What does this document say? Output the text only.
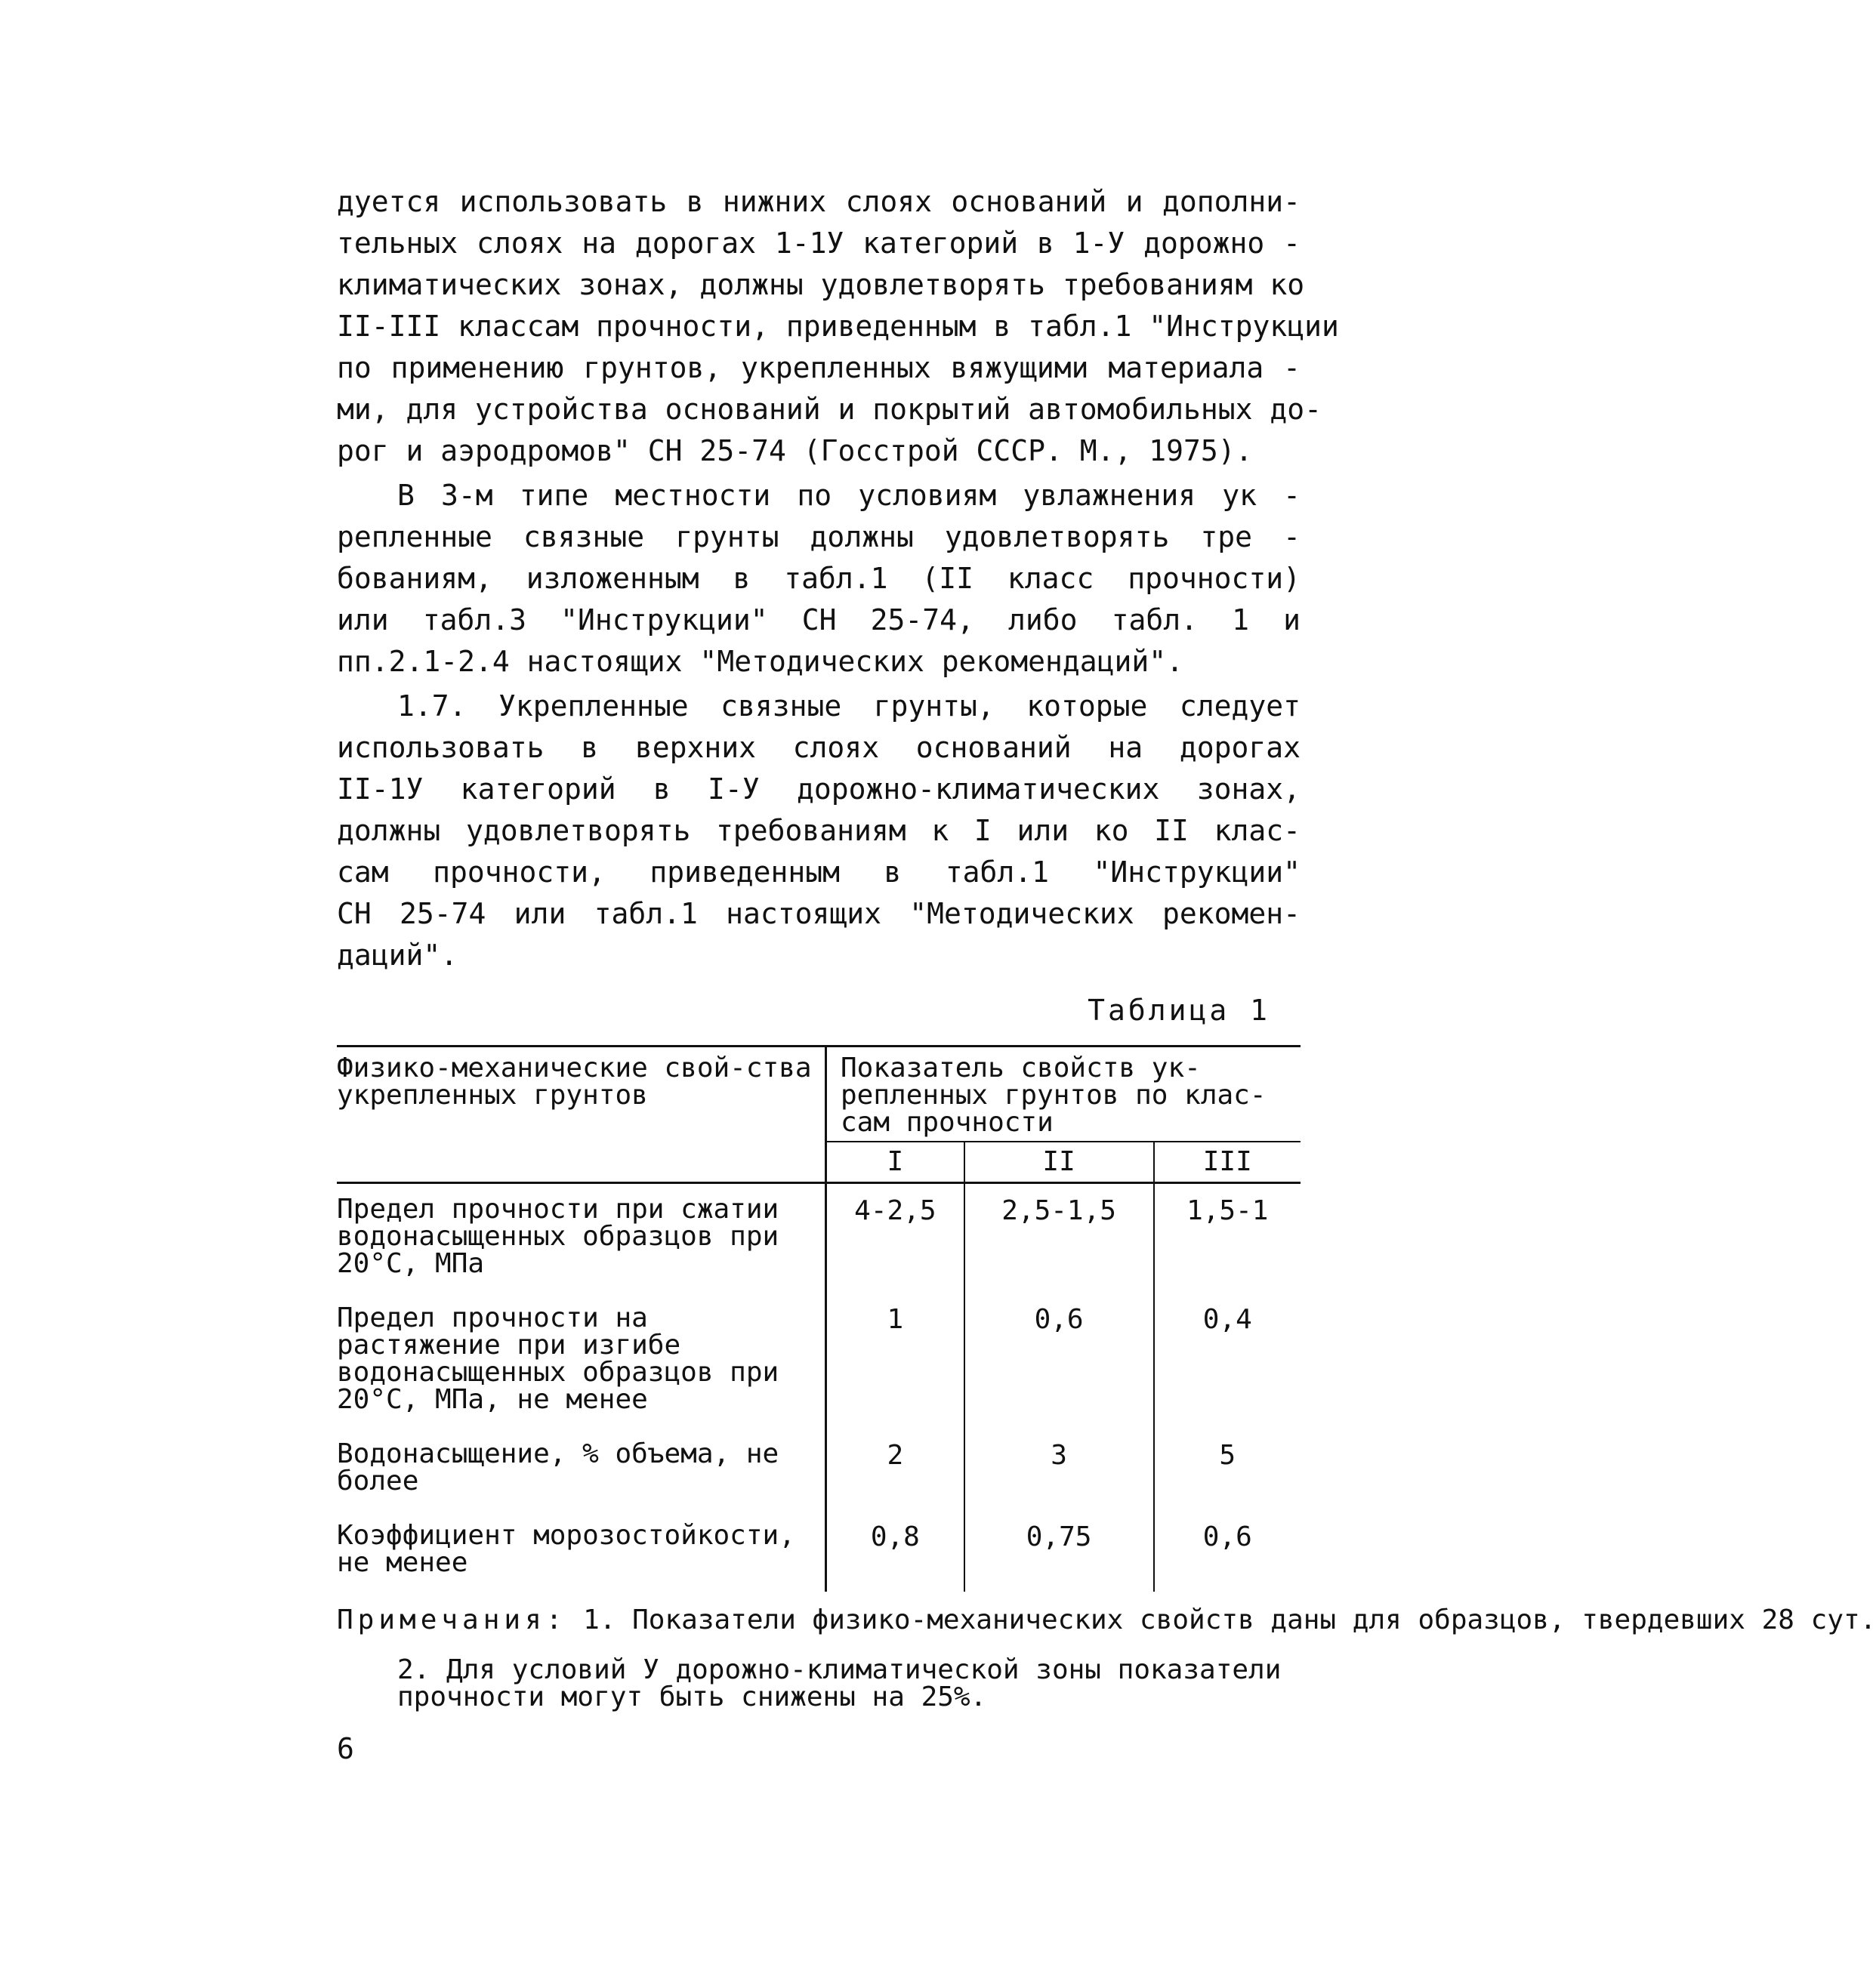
дуется использовать в нижних слоях оснований и дополни-
тельных слоях на дорогах 1-1У категорий в 1-У дорожно -
климатических зонах, должны удовлетворять требованиям ко
II-III классам прочности, приведенным в табл.1 "Инструкции
по применению грунтов, укрепленных вяжущими материала -
ми, для устройства оснований и покрытий автомобильных до-
рог и аэродромов" СН 25-74 (Госстрой СССР. М., 1975).
В 3-м типе местности по условиям увлажнения ук -
репленные связные грунты должны удовлетворять тре -
бованиям, изложенным в табл.1 (II класс прочности)
или табл.3 "Инструкции" СН 25-74, либо табл. 1 и
пп.2.1-2.4 настоящих "Методических рекомендаций".
1.7. Укрепленные связные грунты, которые следует
использовать в верхних слоях оснований на дорогах
II-1У категорий в I-У дорожно-климатических зонах,
должны удовлетворять требованиям к I или ко II клас-
сам прочности, приведенным в табл.1 "Инструкции"
СН 25-74 или табл.1 настоящих "Методических рекомен-
даций".
Таблица 1
Физико-механические свой-ства укрепленных грунтов	Показатель свойств ук-репленных грунтов по клас-сам прочности		
	I	II	III
Предел прочности при сжатии водонасыщенных образцов при 20°С, МПа	4-2,5	2,5-1,5	1,5-1
Предел прочности на растяжение при изгибе водонасыщенных образцов при 20°С, МПа, не менее	1	0,6	0,4
Водонасыщение, % объема, не более	2	3	5
Коэффициент морозостойкости, не менее	0,8	0,75	0,6
Примечания: 1. Показатели физико-механических свойств даны для образцов, твердевших 28 сут.
2. Для условий У дорожно-климатической зоны показатели прочности могут быть снижены на 25%.
6
